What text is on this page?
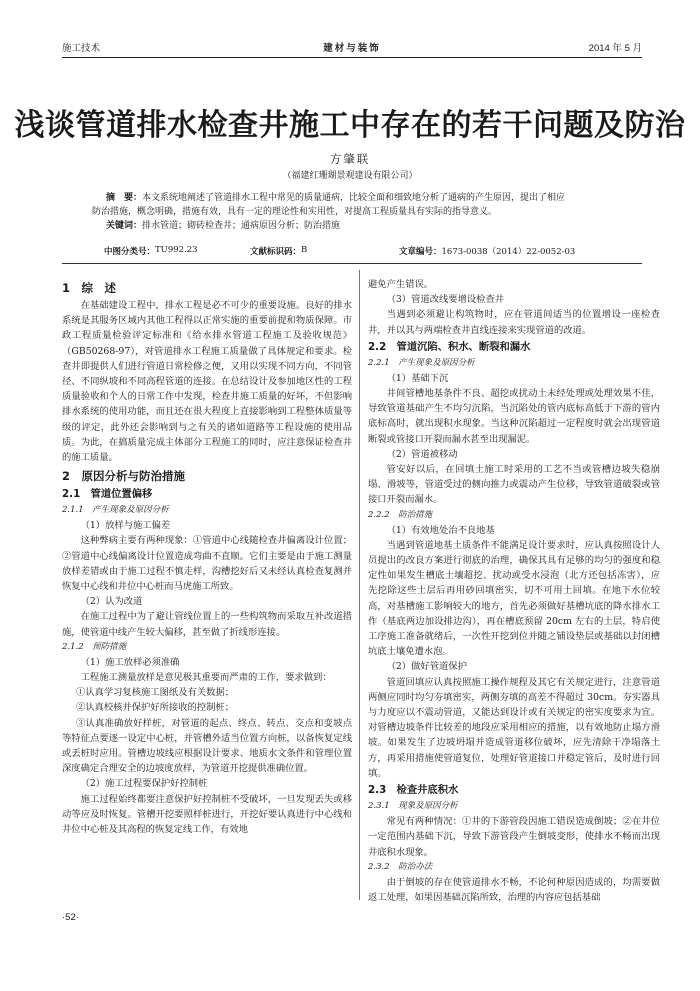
施工技术	建材与装饰	2014 年 5 月
浅谈管道排水检查井施工中存在的若干问题及防治
方肇联
（福建红珊瑚景观建设有限公司）
摘　要：本文系统地阐述了管道排水工程中常见的质量通病，比较全面和细致地分析了通病的产生原因，提出了相应
防治措施，概念明确，措施有效，具有一定的理论性和实用性，对提高工程质量具有实际的指导意义。
关键词：排水管道；砌砖检查井；通病原因分析；防治措施
中图分类号： TU992.23	文献标识码： B	文章编号： 1673-0038（2014）22-0052-03
1　综　述

在基础建设工程中，排水工程是必不可少的重要设施。良好的排水系统是其服务区域内其他工程得以正常实施的重要前提和物质保障。市政工程质量检验评定标准和《给水排水管道工程施工及验收规范》（GB50268-97），对管道排水工程施工质量做了具体规定和要求。检查井即提供人们进行管道日常检修之便，又用以实现不同方向，不同管径、不同纵坡和不同高程管道的连接。在总结设计及参加地区性的工程质量验收和个人的日常工作中发现，检查井施工质量的好坏，不但影响排水系统的使用功能，而且还在很大程度上直接影响到工程整体质量等级的评定，此外还会影响到与之有关的诸如道路等工程设施的使用品质。为此，在搞质量完成主体部分工程施工的同时，应注意保证检查井的施工质量。

2　原因分析与防治措施
2.1　管道位置偏移
2.1.1　产生现象及原因分析

（1）放样与施工偏差

这种弊病主要有两种现象：①管道中心线随检查井偏离设计位置；②管道中心线偏离设计位置造成弯曲不直顺。它们主要是由于施工测量放样差错或由于施工过程不慎走样，沟槽挖好后又未经认真检查复测并恢复中心线和井位中心桩而马虎施工所致。

（2）认为改道

在施工过程中为了避让管线位置上的一些构筑物而采取互补改道措施，使管道中线产生较大偏移，甚至做了折线形连接。

2.1.2　预防措施

（1）施工放样必须准确

工程施工测量放样是意见极其重要而严肃的工作，要求做到：

①认真学习复核施工图纸及有关数据；

②认真校核并保护好所接收的控制桩；

③认真准确放好样桩，对管道的起点、终点、转点、交点和变坡点等特征点要逐一设定中心桩，并管槽外适当位置方向桩，以备恢复定线或丢桩时应用。管槽边坡线应根据设计要求、地质水文条件和管理位置深度确定合理安全的边坡度放样，为管道开挖提供准确位置。

（2）施工过程要保护好控制桩

施工过程始终都要注意保护好控制桩不受破坏，一旦发现丢失或移动等应及时恢复。管槽开挖要照样桩进行，开挖好要认真进行中心线和井位中心桩及其高程的恢复定线工作，有效地

避免产生错误。

（3）管道改线要增设检查井

当遇到必须避让构筑物时，应在管道间适当的位置增设一座检查井，并以其与两端检查井直线连接来实现管道的改道。

2.2　管道沉陷、积水、断裂和漏水
2.2.1　产生现象及原因分析

（1）基础下沉

井间管槽地基条件不良、超挖或扰动土未经处理或处理效果不佳，导致管道基础产生不均匀沉陷，当沉陷处的管内底标高低于下游的管内底标高时，就出现积水现象。当这种沉陷超过一定程度时就会出现管道断裂或管接口开裂而漏水甚至出现漏泥。

（2）管道被移动

管安好以后，在回填土施工时采用的工艺不当或管槽边坡失稳崩塌、滑坡等，管道受过的侧向推力或震动产生位移，导致管道破裂或管接口开裂而漏水。

2.2.2　防治措施

（1）有效地处治不良地基

当遇到管道地基土质条件不能满足设计要求时，应认真按照设计人员提出的改良方案进行彻底的治理，确保其具有足够的均匀的强度和稳定性如果发生槽底土壤超挖、扰动或受水浸泡（北方还包括冻害），应先挖除这些土层后再用砂回填密实，切不可用土回填。在地下水位较高，对基槽施工影响较大的地方，首先必须做好基槽坑底的降水排水工作（基底两边加设排边沟），再在槽底预留 20cm 左右的土层，特启使工序施工准备就绪后，一次性开挖到位并随之铺设垫层或基础以封闭槽坑底土壤免遭水泡。

（2）做好管道保护

管道回填应认真按照施工操作规程及其它有关规定进行，注意管道两侧应同时均匀夯填密实，两侧夯填的高差不得超过 30cm。夯实器具与力度应以不震动管道，又能达到设计或有关规定的密实度要求为宜。对管槽边坡条件比较差的地段应采用相应的措施，以有效地防止塌方滑坡。如果发生了边坡坍塌并造成管道移位破坏，应先清除干净塌落土方，再采用措施使管道复位，处理好管道接口并稳定管后，及时进行回填。

2.3　检查井底积水
2.3.1　现象及原因分析

常见有两种情况：①井的下游管段因施工错误造成倒坡；②在井位一定范围内基础下沉，导致下游管段产生倒坡变形，使排水不畅而出现井底积水现象。

2.3.2　防治办法

由于倒坡的存在使管道排水不畅，不论何种原因造成的，均需要做返工处理，如果因基础沉陷所致，治理的内容应包括基础

·52·
